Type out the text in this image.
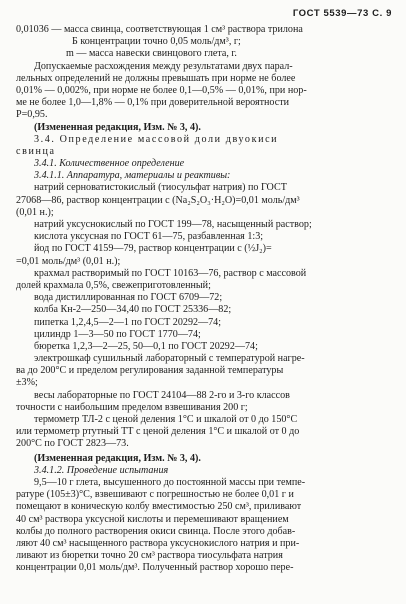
ГОСТ 5539—73 С. 9
0,01036 — масса свинца, соответствующая 1 см³ раствора трилона
Б концентрации точно 0,05 моль/дм³, г;
m — масса навески свинцового глета, г.
Допускаемые расхождения между результатами двух парал-
лельных определений не должны превышать при норме не более
0,01% — 0,002%, при норме не более 0,1—0,5% — 0,01%, при нор-
ме не более 1,0—1,8% — 0,1% при доверительной вероятности
P=0,95.
(Измененная редакция, Изм. № 3, 4).
3.4. Определение массовой доли двуокиси
свинца
3.4.1. Количественное определение
3.4.1.1. Аппаратура, материалы и реактивы:
натрий серноватистокислый (тиосульфат натрия) по ГОСТ
27068—86, раствор концентрации с (Na₂S₂O₃·H₂O)=0,01 моль/дм³
(0,01 н.);
натрий уксуснокислый по ГОСТ 199—78, насыщенный раствор;
кислота уксусная по ГОСТ 61—75, разбавленная 1:3;
йод по ГОСТ 4159—79, раствор концентрации с (½J₂)=
=0,01 моль/дм³ (0,01 н.);
крахмал растворимый по ГОСТ 10163—76, раствор с массовой
долей крахмала 0,5%, свежеприготовленный;
вода дистиллированная по ГОСТ 6709—72;
колба Кн-2—250—34,40 по ГОСТ 25336—82;
пипетка 1,2,4,5—2—1 по ГОСТ 20292—74;
цилиндр 1—3—50 по ГОСТ 1770—74;
бюретка 1,2,3—2—25, 50—0,1 по ГОСТ 20292—74;
электрошкаф сушильный лабораторный с температурой нагре-
ва до 200°С и пределом регулирования заданной температуры
±3%;
весы лабораторные по ГОСТ 24104—88 2-го и 3-го классов
точности с наибольшим пределом взвешивания 200 г;
термометр ТЛ-2 с ценой деления 1°С и шкалой от 0 до 150°С
или термометр ртутный ТТ с ценой деления 1°С и шкалой от 0 до
200°С по ГОСТ 2823—73.
(Измененная редакция, Изм. № 3, 4).
3.4.1.2. Проведение испытания
9,5—10 г глета, высушенного до постоянной массы при темпе-
ратуре (105±3)°С, взвешивают с погрешностью не более 0,01 г и
помещают в коническую колбу вместимостью 250 см³, приливают
40 см³ раствора уксусной кислоты и перемешивают вращением
колбы до полного растворения окиси свинца. После этого добав-
ляют 40 см³ насыщенного раствора уксуснокислого натрия и при-
ливают из бюретки точно 20 см³ раствора тиосульфата натрия
концентрации 0,01 моль/дм³. Полученный раствор хорошо пере-
